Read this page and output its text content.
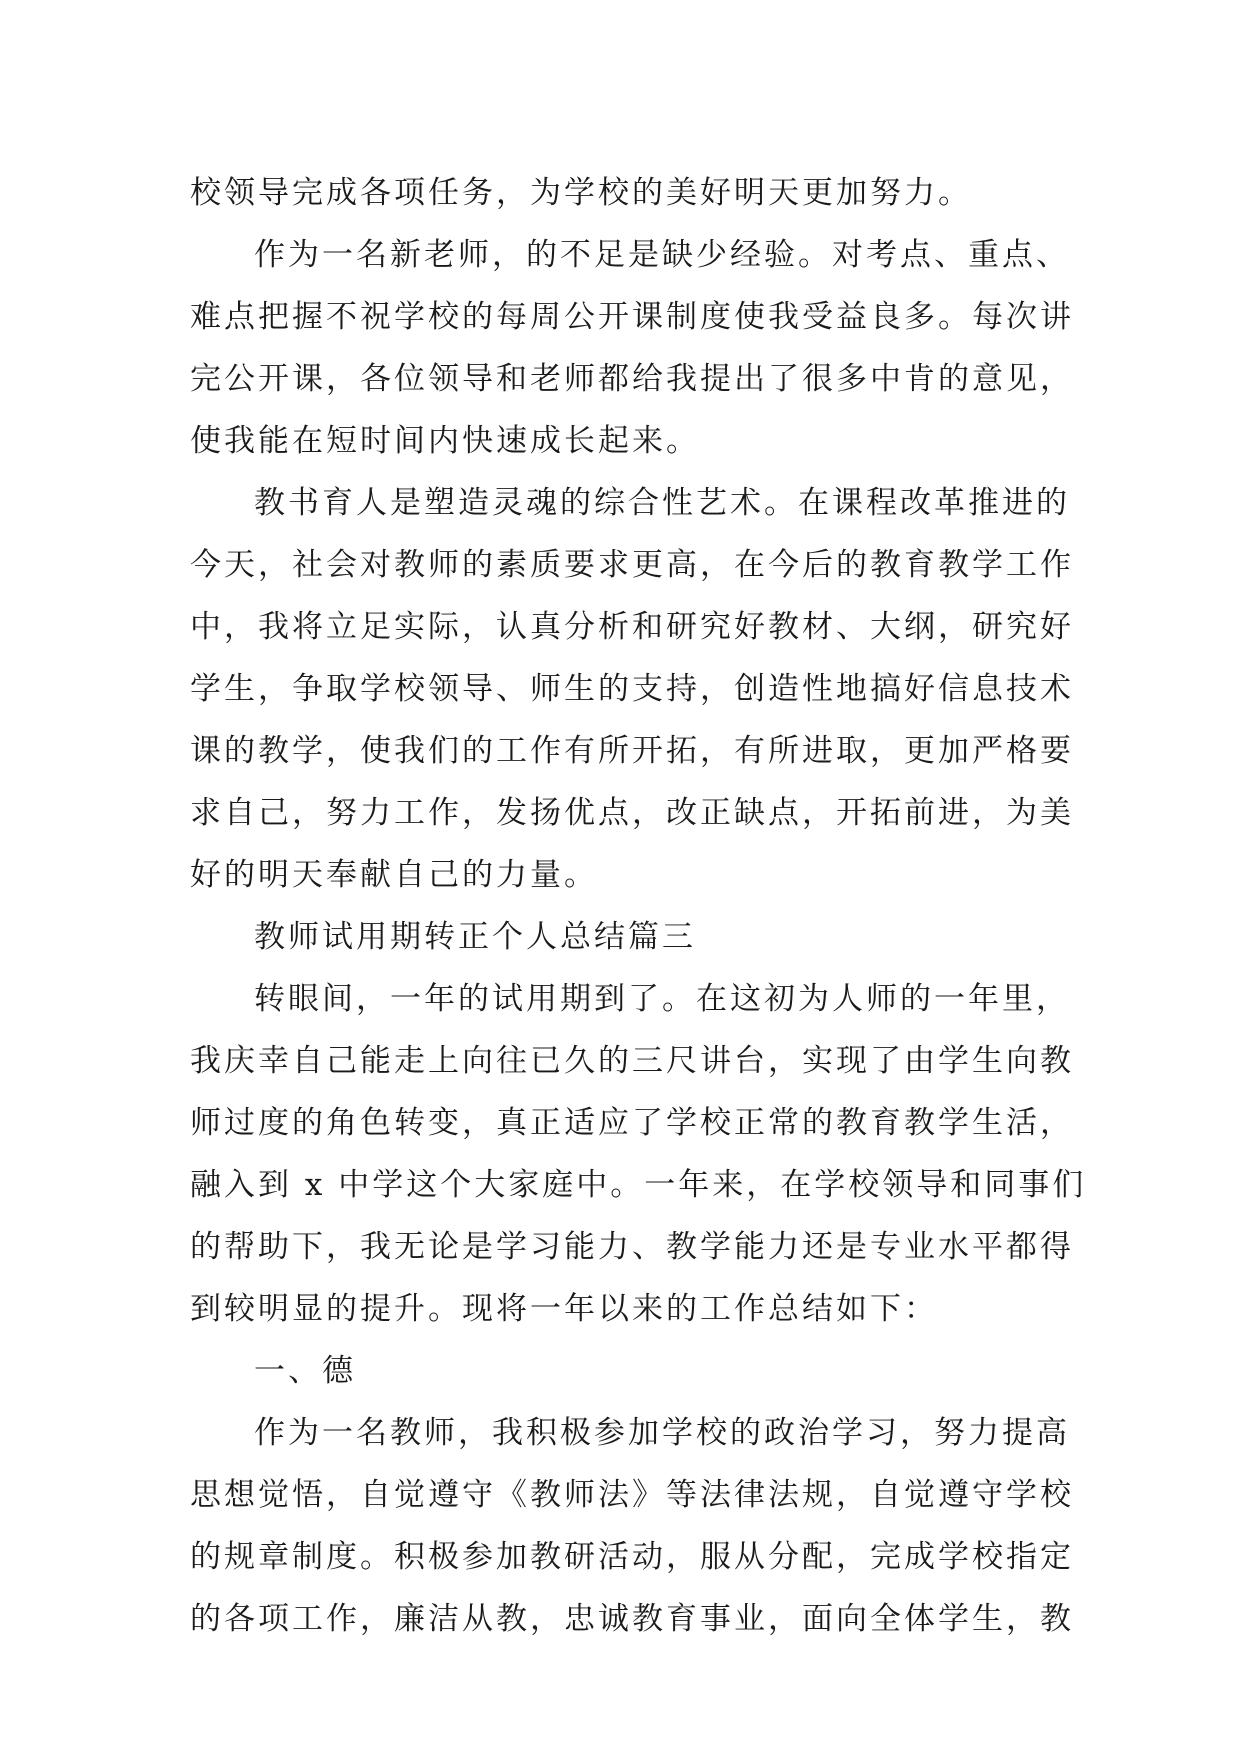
校领导完成各项任务，为学校的美好明天更加努力。
作为一名新老师，的不足是缺少经验。对考点、重点、
难点把握不祝学校的每周公开课制度使我受益良多。每次讲
完公开课，各位领导和老师都给我提出了很多中肯的意见，
使我能在短时间内快速成长起来。
教书育人是塑造灵魂的综合性艺术。在课程改革推进的
今天，社会对教师的素质要求更高，在今后的教育教学工作
中，我将立足实际，认真分析和研究好教材、大纲，研究好
学生，争取学校领导、师生的支持，创造性地搞好信息技术
课的教学，使我们的工作有所开拓，有所进取，更加严格要
求自己，努力工作，发扬优点，改正缺点，开拓前进，为美
好的明天奉献自己的力量。
教师试用期转正个人总结篇三
转眼间，一年的试用期到了。在这初为人师的一年里，
我庆幸自己能走上向往已久的三尺讲台，实现了由学生向教
师过度的角色转变，真正适应了学校正常的教育教学生活，
融入到 x 中学这个大家庭中。一年来，在学校领导和同事们
的帮助下，我无论是学习能力、教学能力还是专业水平都得
到较明显的提升。现将一年以来的工作总结如下：
一、德
作为一名教师，我积极参加学校的政治学习，努力提高
思想觉悟，自觉遵守《教师法》等法律法规，自觉遵守学校
的规章制度。积极参加教研活动，服从分配，完成学校指定
的各项工作，廉洁从教，忠诚教育事业，面向全体学生，教
